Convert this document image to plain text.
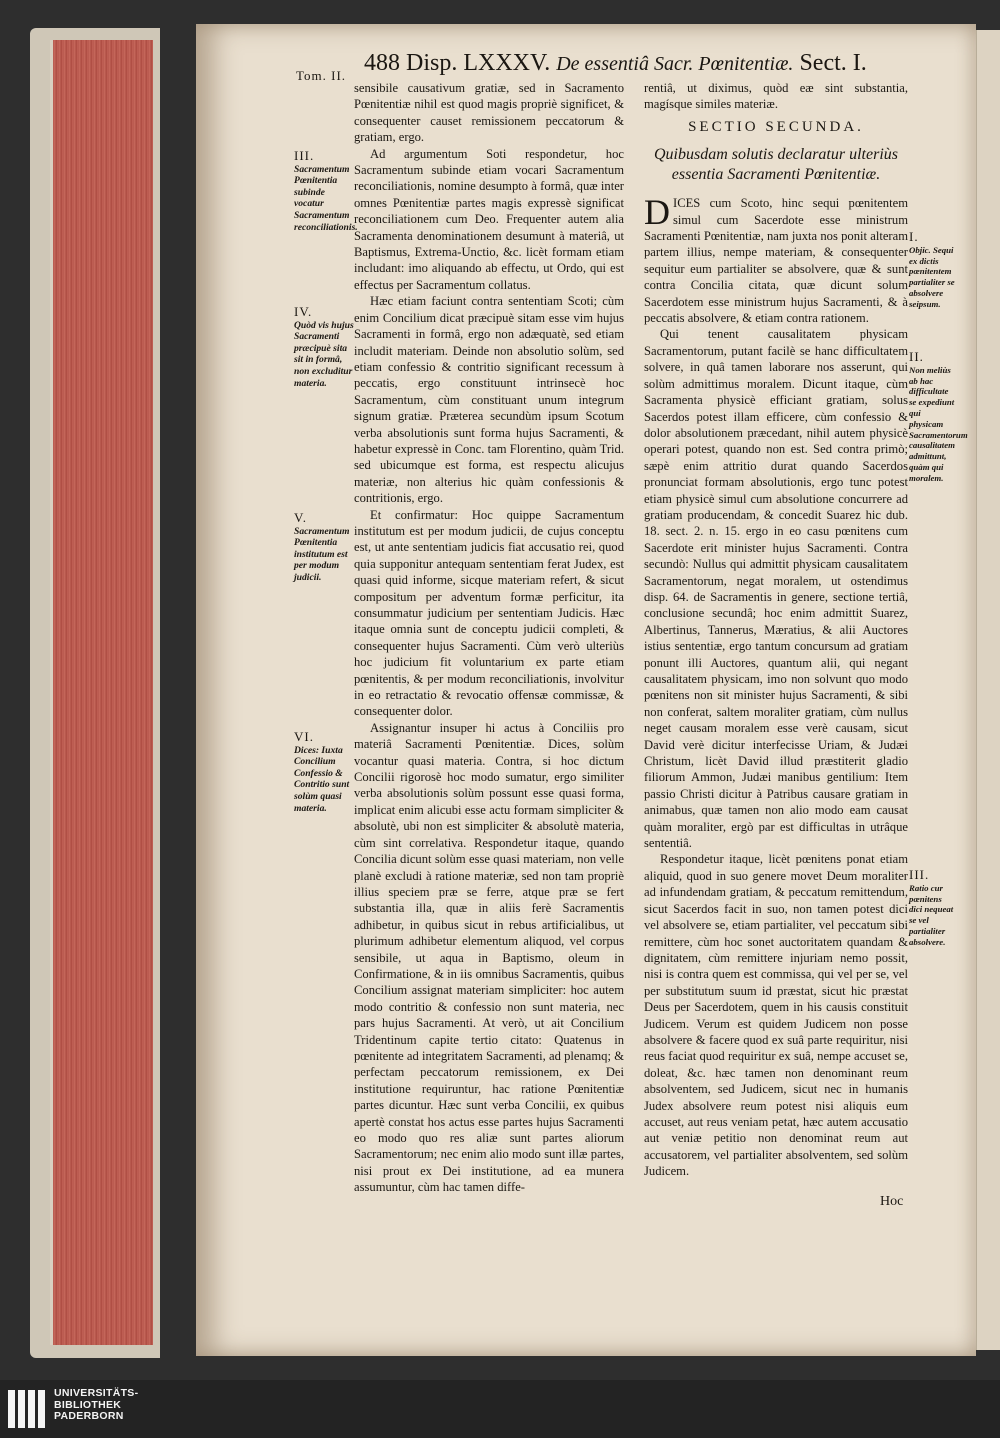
Tom. II. 488 Disp. LXXXV. De essentiâ Sacr. Pœnitentiæ. Sect. I.
III.
Sacramentum Pœnitentia subinde vocatur Sacramentum reconciliationis.
IV.
Quòd vis hujus Sacramenti præcipuè sita sit in formâ, non excluditur materia.
V.
Sacramentum Pœnitentia institutum est per modum judicii.
VI.
Dices: Iuxta Concilium Confessio & Contritio sunt solùm quasi materia.

sensibile causativum gratiæ, sed in Sacramento Pœnitentiæ nihil est quod magis propriè significet, & consequenter causet remissionem peccatorum & gratiam, ergo.

Ad argumentum Soti respondetur, hoc Sacramentum subinde etiam vocari Sacramentum reconciliationis, nomine desumpto à formâ, quæ inter omnes Pœnitentiæ partes magis expressè significat reconciliationem cum Deo. Frequenter autem alia Sacramenta denominationem desumunt à materiâ, ut Baptismus, Extrema-Unctio, &c. licèt formam etiam includant: imo aliquando ab effectu, ut Ordo, qui est effectus per Sacramentum collatus.

Hæc etiam faciunt contra sententiam Scoti; cùm enim Concilium dicat præcipuè sitam esse vim hujus Sacramenti in formâ, ergo non adæquatè, sed etiam includit materiam. Deinde non absolutio solùm, sed etiam confessio & contritio significant recessum à peccatis, ergo constituunt intrinsecè hoc Sacramentum, cùm constituant unum integrum signum gratiæ. Præterea secundùm ipsum Scotum verba absolutionis sunt forma hujus Sacramenti, & habetur expressè in Conc. tam Florentino, quàm Trid. sed ubicumque est forma, est respectu alicujus materiæ, non alterius hic quàm confessionis & contritionis, ergo.

Et confirmatur: Hoc quippe Sacramentum institutum est per modum judicii, de cujus conceptu est, ut ante sententiam judicis fiat accusatio rei, quod quia supponitur antequam sententiam ferat Judex, est quasi quid informe, sicque materiam refert, & sicut compositum per adventum formæ perficitur, ita consummatur judicium per sententiam Judicis. Hæc itaque omnia sunt de conceptu judicii completi, & consequenter hujus Sacramenti. Cùm verò ulteriùs hoc judicium fit voluntarium ex parte etiam pœnitentis, & per modum reconciliationis, involvitur in eo retractatio & revocatio offensæ commissæ, & consequenter dolor.

Assignantur insuper hi actus à Conciliis pro materiâ Sacramenti Pœnitentiæ. Dices, solùm vocantur quasi materia. Contra, si hoc dictum Concilii rigorosè hoc modo sumatur, ergo similiter verba absolutionis solùm possunt esse quasi forma, implicat enim alicubi esse actu formam simpliciter & absolutè, ubi non est simpliciter & absolutè materia, cùm sint correlativa. Respondetur itaque, quando Concilia dicunt solùm esse quasi materiam, non velle planè excludi à ratione materiæ, sed non tam propriè illius speciem præ se ferre, atque præ se fert substantia illa, quæ in aliis ferè Sacramentis adhibetur, in quibus sicut in rebus artificialibus, ut plurimum adhibetur elementum aliquod, vel corpus sensibile, ut aqua in Baptismo, oleum in Confirmatione, & in iis omnibus Sacramentis, quibus Concilium assignat materiam simpliciter: hoc autem modo contritio & confessio non sunt materia, nec pars hujus Sacramenti. At verò, ut ait Concilium Tridentinum capite tertio citato: Quatenus in pœnitente ad integritatem Sacramenti, ad plenamq; & perfectam peccatorum remissionem, ex Dei institutione requiruntur, hac ratione Pœnitentiæ partes dicuntur. Hæc sunt verba Concilii, ex quibus apertè constat hos actus esse partes hujus Sacramenti eo modo quo res aliæ sunt partes aliorum Sacramentorum; nec enim alio modo sunt illæ partes, nisi prout ex Dei institutione, ad ea munera assumuntur, cùm hac tamen diffe-

rentiâ, ut diximus, quòd eæ sint substantia, magísque similes materiæ.

SECTIO SECUNDA.
Quibusdam solutis declaratur ulteriùs essentia Sacramenti Pœnitentiæ.

DICES cum Scoto, hinc sequi pœnitentem simul cum Sacerdote esse ministrum Sacramenti Pœnitentiæ, nam juxta nos ponit alteram partem illius, nempe materiam, & consequenter sequitur eum partialiter se absolvere, quæ & sunt contra Concilia citata, quæ dicunt solum Sacerdotem esse ministrum hujus Sacramenti, & à peccatis absolvere, & etiam contra rationem.

Qui tenent causalitatem physicam Sacramentorum, putant facilè se hanc difficultatem solvere, in quâ tamen laborare nos asserunt, qui solùm admittimus moralem. Dicunt itaque, cùm Sacramenta physicè efficiant gratiam, solus Sacerdos potest illam efficere, cùm confessio & dolor absolutionem præcedant, nihil autem physicè operari potest, quando non est. Sed contra primò; sæpè enim attritio durat quando Sacerdos pronunciat formam absolutionis, ergo tunc potest etiam physicè simul cum absolutione concurrere ad gratiam producendam, & concedit Suarez hic dub. 18. sect. 2. n. 15. ergo in eo casu pœnitens cum Sacerdote erit minister hujus Sacramenti. Contra secundò: Nullus qui admittit physicam causalitatem Sacramentorum, negat moralem, ut ostendimus disp. 64. de Sacramentis in genere, sectione tertiâ, conclusione secundâ; hoc enim admittit Suarez, Albertinus, Tannerus, Mæratius, & alii Auctores istius sententiæ, ergo tantum concursum ad gratiam ponunt illi Auctores, quantum alii, qui negant causalitatem physicam, imo non solvunt quo modo pœnitens non sit minister hujus Sacramenti, & sibi non conferat, saltem moraliter gratiam, cùm nullus neget causam moralem esse verè causam, sicut David verè dicitur interfecisse Uriam, & Judæi Christum, licèt David illud præstiterit gladio filiorum Ammon, Judæi manibus gentilium: Item passio Christi dicitur à Patribus causare gratiam in animabus, quæ tamen non alio modo eam causat quàm moraliter, ergò par est difficultas in utrâque sententiâ.

Respondetur itaque, licèt pœnitens ponat etiam aliquid, quod in suo genere movet Deum moraliter ad infundendam gratiam, & peccatum remittendum, sicut Sacerdos facit in suo, non tamen potest dici vel absolvere se, etiam partialiter, vel peccatum sibi remittere, cùm hoc sonet auctoritatem quandam & dignitatem, cùm remittere injuriam nemo possit, nisi is contra quem est commissa, qui vel per se, vel per substitutum suum id præstat, sicut hic præstat Deus per Sacerdotem, quem in his causis constituit Judicem. Verum est quidem Judicem non posse absolvere & facere quod ex suâ parte requiritur, nisi reus faciat quod requiritur ex suâ, nempe accuset se, doleat, &c. hæc tamen non denominant reum absolventem, sed Judicem, sicut nec in humanis Judex absolvere reum potest nisi aliquis eum accuset, aut reus veniam petat, hæc autem accusatio aut veniæ petitio non denominat reum aut accusatorem, vel partialiter absolventem, sed solùm Judicem.

I.
Objic. Sequi ex dictis pœnitentem partialiter se absolvere seipsum.
II.
Non meliùs ab hac difficultate se expediunt qui physicam Sacramentorum causalitatem admittunt, quàm qui moralem.
III.
Ratio cur pœnitens dici nequeat se vel partialiter absolvere.
Hoc
UNIVERSITÄTS-
BIBLIOTHEK
PADERBORN
